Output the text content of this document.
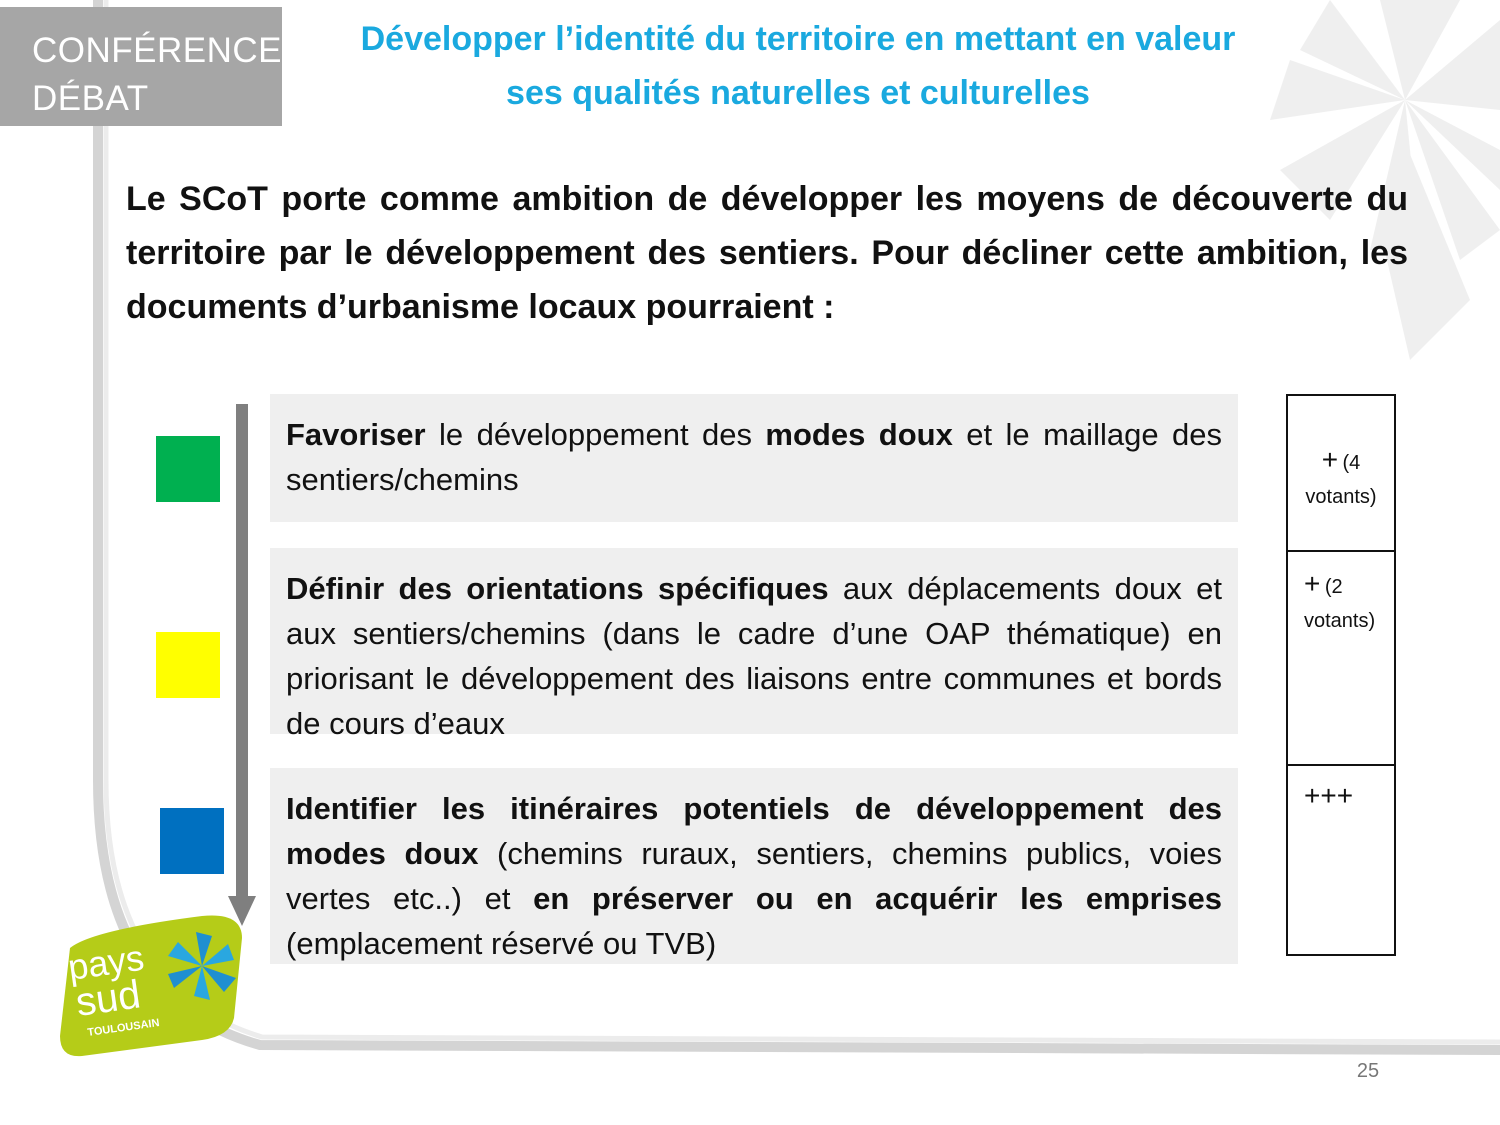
CONFÉRENCE
DÉBAT
Développer l’identité du territoire en mettant en valeur
ses qualités naturelles et culturelles
Le SCoT porte comme ambition de développer les moyens de découverte du territoire par le développement des sentiers. Pour décliner cette ambition, les documents d’urbanisme locaux pourraient :
Favoriser le développement des modes doux et le maillage des sentiers/chemins
Définir des orientations spécifiques aux déplacements doux et aux sentiers/chemins (dans le cadre d’une OAP thématique) en priorisant le développement des liaisons entre communes et bords de cours d’eaux
Identifier les itinéraires potentiels de développement des modes doux (chemins ruraux, sentiers, chemins publics, voies vertes etc..) et en préserver ou en acquérir les emprises (emplacement réservé ou TVB)
+ (4
votants)
+ (2
votants)
+++
pays
sud
TOULOUSAIN
25
